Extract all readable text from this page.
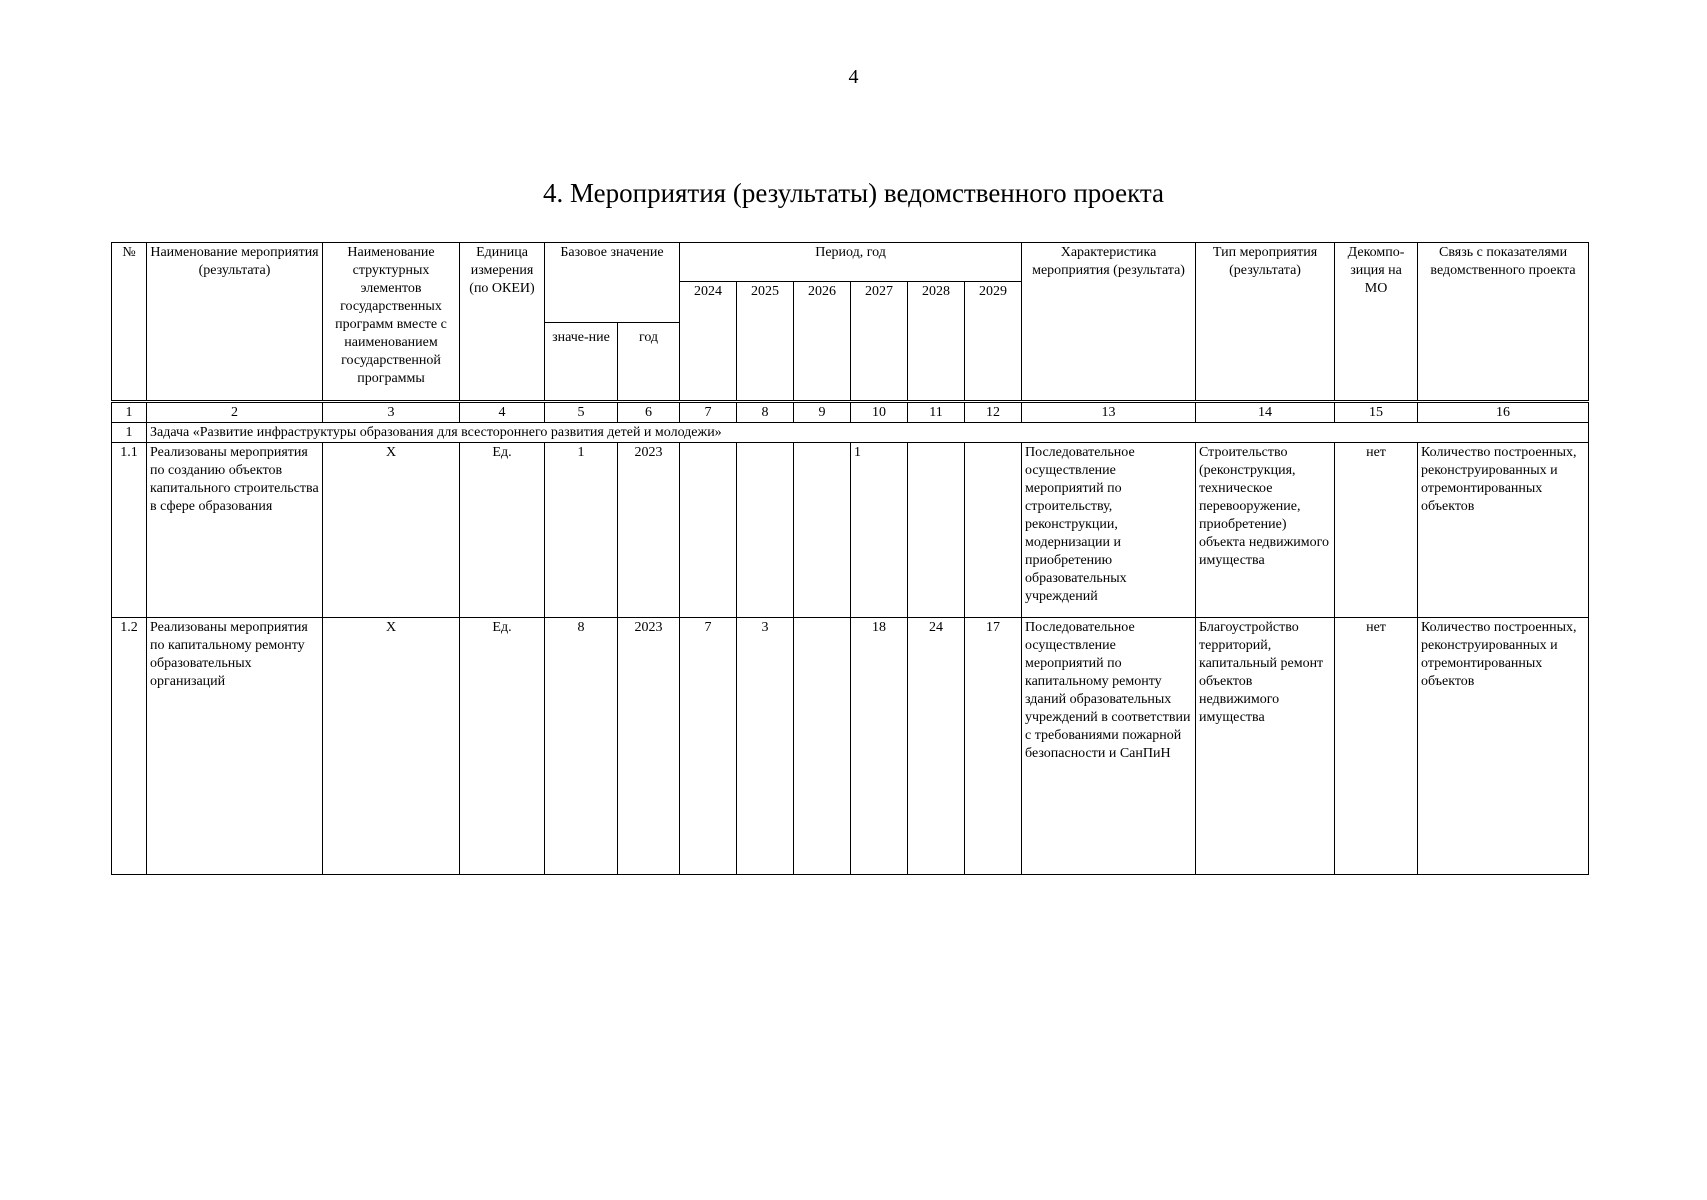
4
4. Мероприятия (результаты) ведомственного проекта
№	Наименование мероприятия (результата)	Наименование структурных элементов государственных программ вместе с наименованием государственной программы	Единица измерения (по ОКЕИ)	Базовое значение		Период, год						Характеристика мероприятия (результата)	Тип мероприятия (результата)	Декомпо-зиция на МО	Связь с показателями ведомственного проекта
						2024	2025	2026	2027	2028	2029				
				значе-ние	год										
1	2	3	4	5	6	7	8	9	10	11	12	13	14	15	16
1	Задача «Развитие инфраструктуры образования для всестороннего развития детей и молодежи»														
1.1	Реализованы мероприятия по созданию объектов капитального строительства в сфере образования	Х	Ед.	1	2023				1			Последовательное осуществление мероприятий по строительству, реконструкции, модернизации и приобретению образовательных учреждений	Строительство (реконструкция, техническое перевооружение, приобретение) объекта недвижимого имущества	нет	Количество построенных, реконструированных и отремонтированных объектов
1.2	Реализованы мероприятия по капитальному ремонту образовательных организаций	Х	Ед.	8	2023	7	3		18	24	17	Последовательное осуществление мероприятий по капитальному ремонту зданий образовательных учреждений в соответствии с требованиями пожарной безопасности и СанПиН	Благоустройство территорий, капитальный ремонт объектов недвижимого имущества	нет	Количество построенных, реконструированных и отремонтированных объектов
